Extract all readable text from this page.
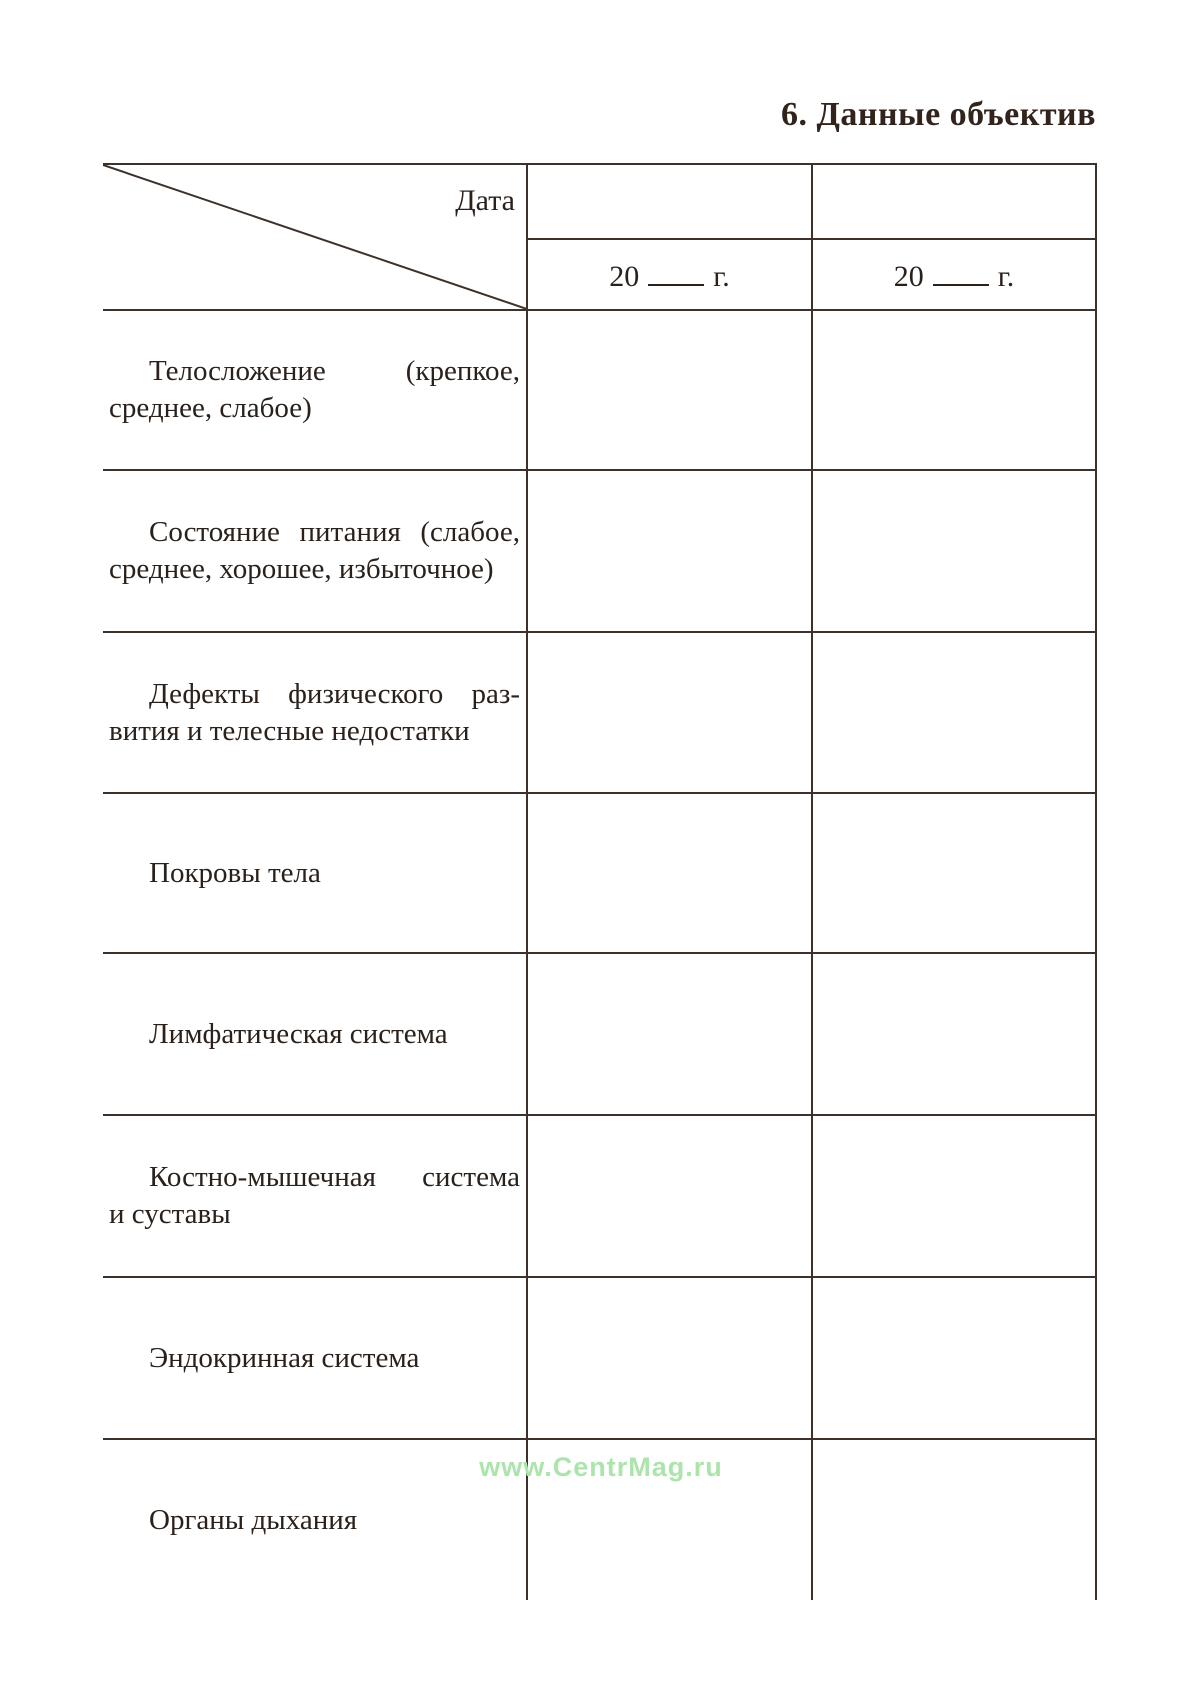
6. Данные объектив
Дата
20 г.	20 г.
Телосложение (крепкое,
среднее, слабое)
Состояние питания (слабое,
среднее, хорошее, избыточное)
Дефекты физического раз-
вития и телесные недостатки
Покровы тела
Лимфатическая система
Костно-мышечная система
и суставы
Эндокринная система
Органы дыхания
www.CentrMag.ru
